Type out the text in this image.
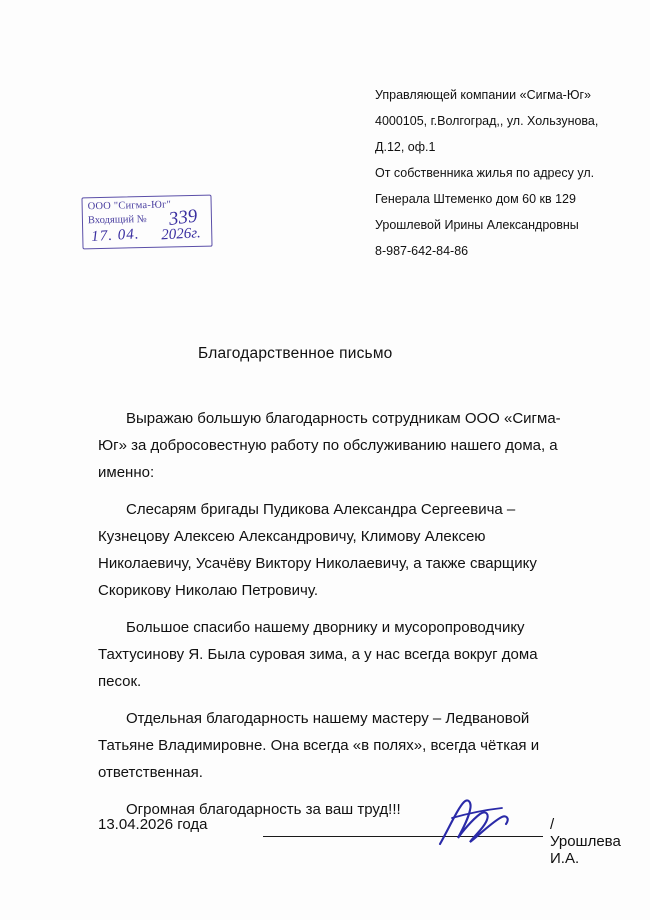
Управляющей компании «Сигма-Юг»
4000105, г.Волгоград,, ул. Хользунова,
Д.12, оф.1
От собственника жилья по адресу ул.
Генерала Штеменко дом 60 кв 129
Урошлевой Ирины Александровны
8-987-642-84-86
ООО "Сигма-Юг"
Входящий № 339
17. 04. 2026г.
Благодарственное письмо

Выражаю большую благодарность сотрудникам ООО «Сигма-Юг» за добросовестную работу по обслуживанию нашего дома, а именно:

Слесарям бригады Пудикова Александра Сергеевича – Кузнецову Алексею Александровичу, Климову Алексею Николаевичу, Усачёву Виктору Николаевичу, а также сварщику Скорикову Николаю Петровичу.

Большое спасибо нашему дворнику и мусоропроводчику Тахтусинову Я. Была суровая зима, а у нас всегда вокруг дома песок.

Отдельная благодарность нашему мастеру – Ледвановой Татьяне Владимировне. Она всегда «в полях», всегда чёткая и ответственная.

Огромная благодарность за ваш труд!!!

13.04.2026 года	/ Урошлева И.А.
